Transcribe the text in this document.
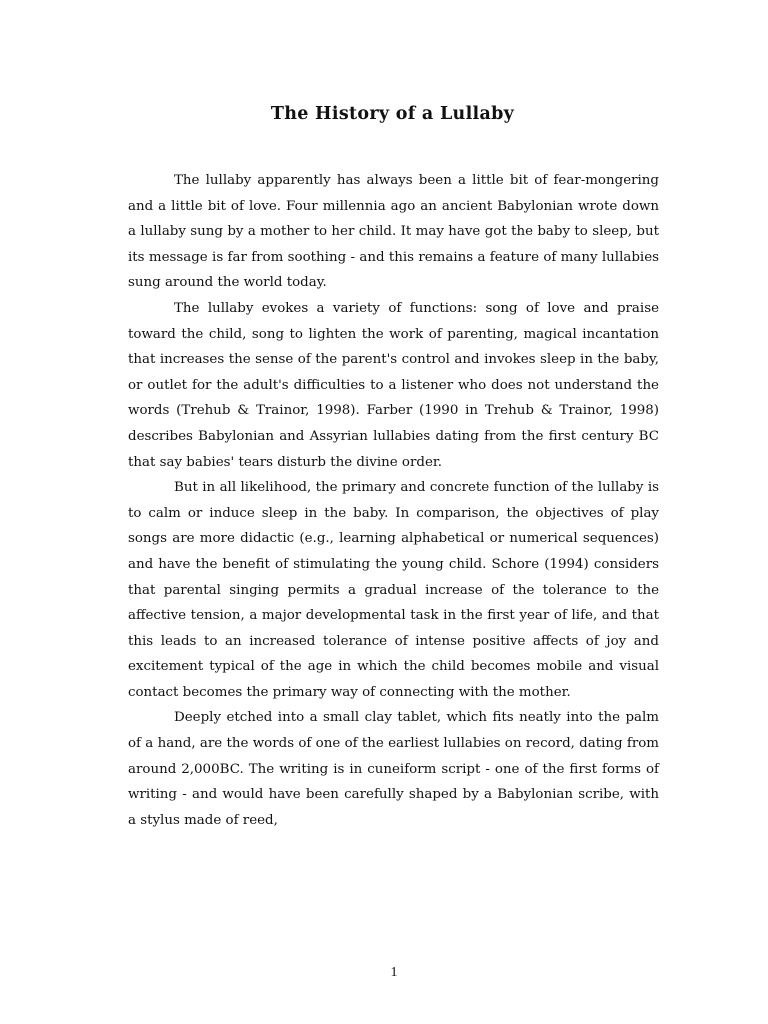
The History of a Lullaby

The lullaby apparently has always been a little bit of fear-mongering and a little bit of love. Four millennia ago an ancient Babylonian wrote down a lullaby sung by a mother to her child. It may have got the baby to sleep, but its message is far from soothing - and this remains a feature of many lullabies sung around the world today.

The lullaby evokes a variety of functions: song of love and praise toward the child, song to lighten the work of parenting, magical incantation that increases the sense of the parent's control and invokes sleep in the baby, or outlet for the adult's difficulties to a listener who does not understand the words (Trehub & Trainor, 1998). Farber (1990 in Trehub & Trainor, 1998) describes Babylonian and Assyrian lullabies dating from the first century BC that say babies' tears disturb the divine order.

But in all likelihood, the primary and concrete function of the lullaby is to calm or induce sleep in the baby. In comparison, the objectives of play songs are more didactic (e.g., learning alphabetical or numerical sequences) and have the benefit of stimulating the young child. Schore (1994) considers that parental singing permits a gradual increase of the tolerance to the affective tension, a major developmental task in the first year of life, and that this leads to an increased tolerance of intense positive affects of joy and excitement typical of the age in which the child becomes mobile and visual contact becomes the primary way of connecting with the mother.

Deeply etched into a small clay tablet, which fits neatly into the palm of a hand, are the words of one of the earliest lullabies on record, dating from around 2,000BC. The writing is in cuneiform script - one of the first forms of writing - and would have been carefully shaped by a Babylonian scribe, with a stylus made of reed,

1
